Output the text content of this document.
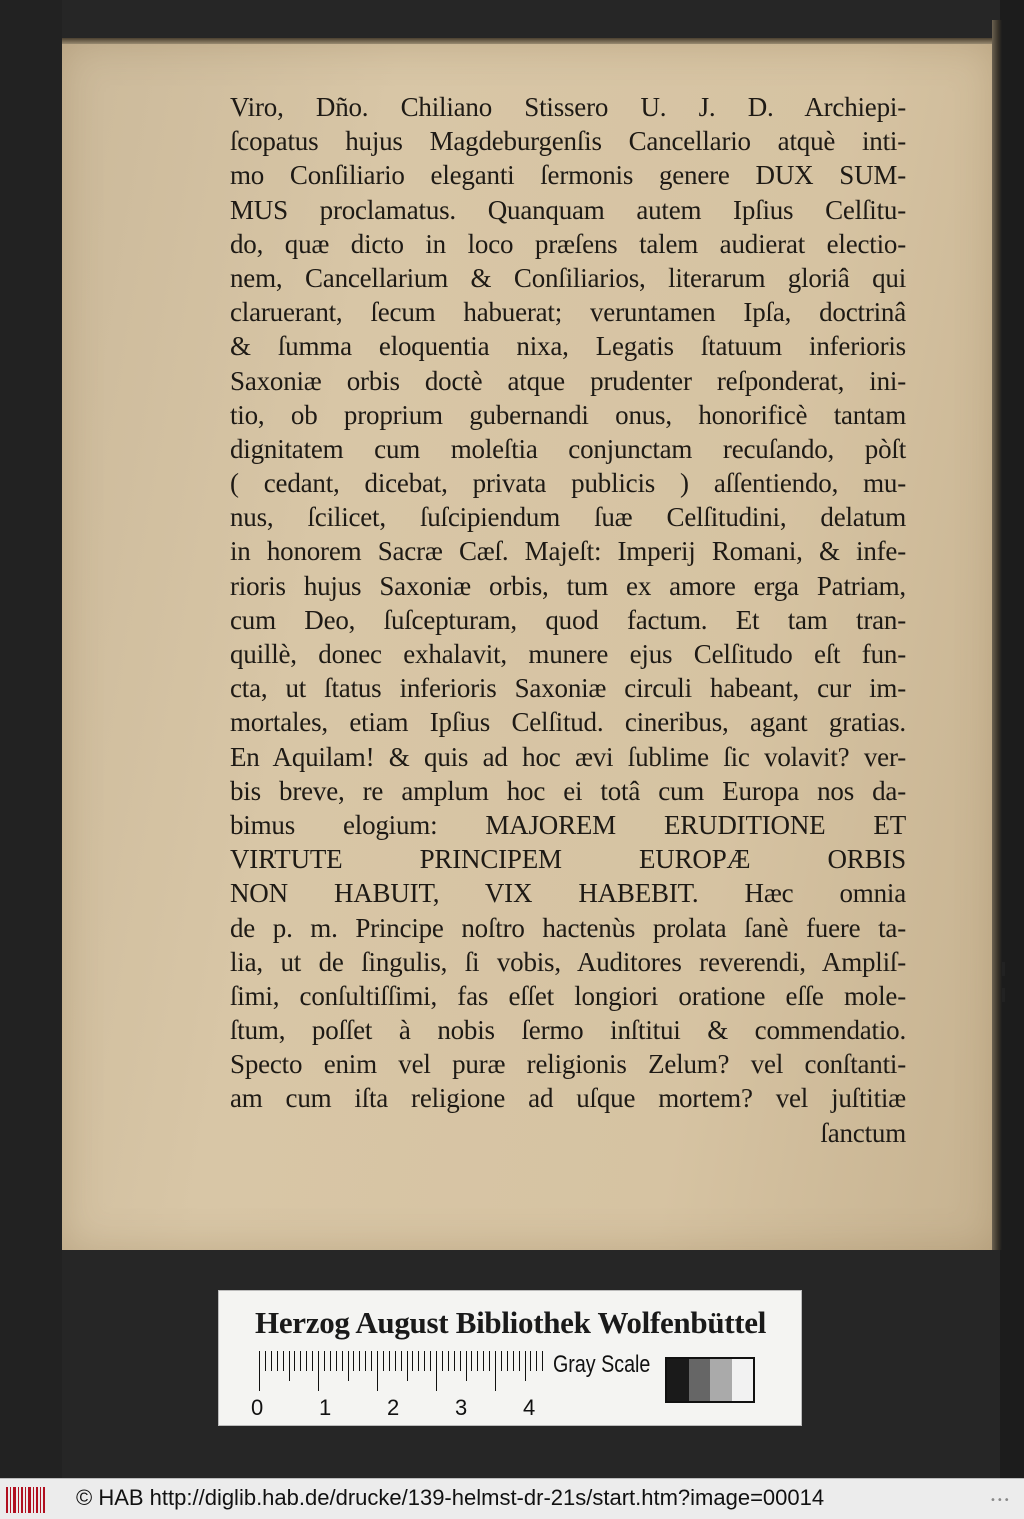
Viro, Dño. Chiliano Stissero U. J. D. Archiepi-
ſcopatus hujus Magdeburgenſis Cancellario atquè inti-
mo Conſiliario eleganti ſermonis genere DUX SUM-
MUS proclamatus. Quanquam autem Ipſius Celſitu-
do, quæ dicto in loco præſens talem audierat electio-
nem, Cancellarium & Conſiliarios, literarum gloriâ qui
claruerant, ſecum habuerat; veruntamen Ipſa, doctrinâ
& ſumma eloquentia nixa, Legatis ſtatuum inferioris
Saxoniæ orbis doctè atque prudenter reſponderat, ini-
tio, ob proprium gubernandi onus, honorificè tantam
dignitatem cum moleſtia conjunctam recuſando, pòſt
( cedant, dicebat, privata publicis ) aſſentiendo, mu-
nus, ſcilicet, ſuſcipiendum ſuæ Celſitudini, delatum
in honorem Sacræ Cæſ. Majeſt: Imperij Romani, & infe-
rioris hujus Saxoniæ orbis, tum ex amore erga Patriam,
cum Deo, ſuſcepturam, quod factum. Et tam tran-
quillè, donec exhalavit, munere ejus Celſitudo eſt fun-
cta, ut ſtatus inferioris Saxoniæ circuli habeant, cur im-
mortales, etiam Ipſius Celſitud. cineribus, agant gratias.
En Aquilam! & quis ad hoc ævi ſublime ſic volavit? ver-
bis breve, re amplum hoc ei totâ cum Europa nos da-
bimus elogium: MAJOREM ERUDITIONE ET
VIRTUTE PRINCIPEM EUROPÆ ORBIS
NON HABUIT, VIX HABEBIT. Hæc omnia
de p. m. Principe noſtro hactenùs prolata ſanè fuere ta-
lia, ut de ſingulis, ſi vobis, Auditores reverendi, Ampliſ-
ſimi, conſultiſſimi, fas eſſet longiori oratione eſſe mole-
ſtum, poſſet à nobis ſermo inſtitui & commendatio.
Specto enim vel puræ religionis Zelum? vel conſtanti-
am cum iſta religione ad uſque mortem? vel juſtitiæ
ſanctum
Herzog August Bibliothek Wolfenbüttel
0	1	2	3	4
Gray Scale
© HAB http://diglib.hab.de/drucke/139-helmst-dr-21s/start.htm?image=00014	•••
